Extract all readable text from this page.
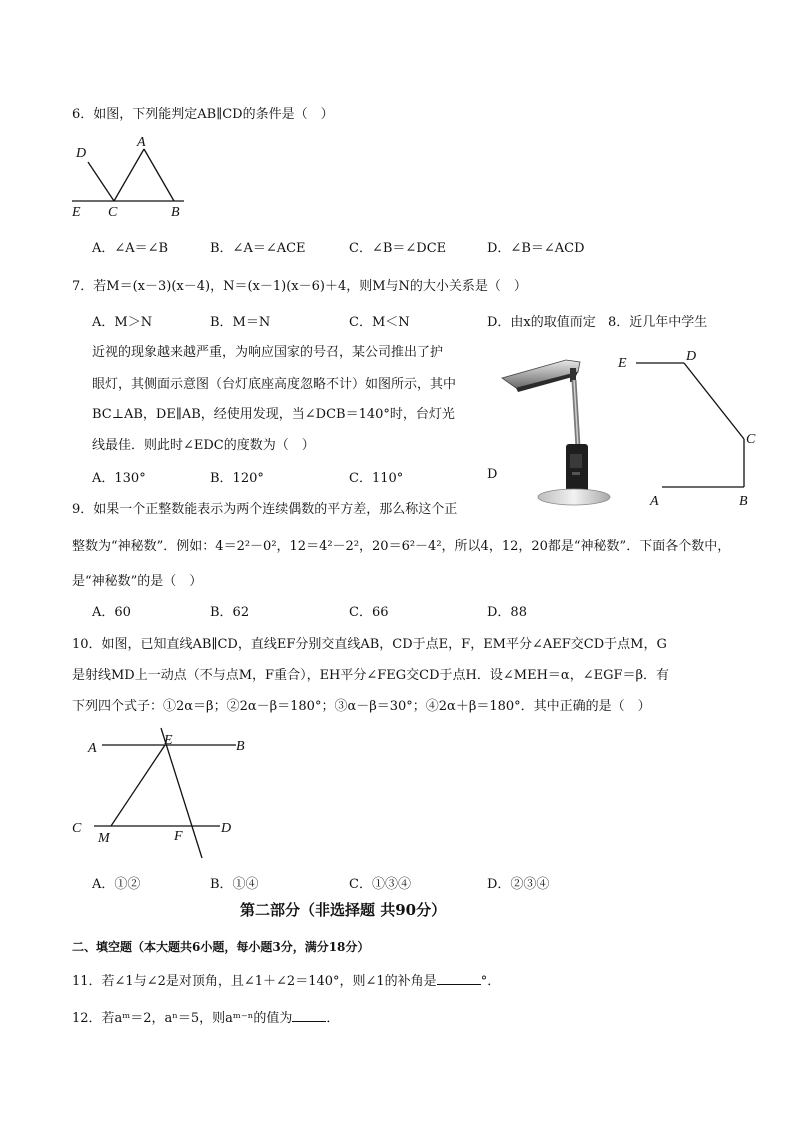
6．如图，下列能判定AB∥CD的条件是（　）
D
A
E C	B
A．∠A＝∠B	B．∠A＝∠ACE	C．∠B＝∠DCE	D．∠B＝∠ACD
7．若M＝(x－3)(x－4)，N＝(x－1)(x－6)＋4，则M与N的大小关系是（　）
A．M＞N	B．M＝N	C．M＜N	D．由x的取值而定 8．近几年中学生
近视的现象越来越严重，为响应国家的号召，某公司推出了护
眼灯，其侧面示意图（台灯底座高度忽略不计）如图所示，其中
BC⊥AB，DE∥AB，经使用发现，当∠DCB＝140°时，台灯光
线最佳．则此时∠EDC的度数为（　）
A．130°	B．120°	C．110°	D
E	D
C
A	B
9．如果一个正整数能表示为两个连续偶数的平方差，那么称这个正
整数为“神秘数”．例如：4＝2²－0²，12＝4²－2²，20＝6²－4²，所以4，12，20都是“神秘数”．下面各个数中，
是“神秘数”的是（　）
A．60	B．62	C．66	D．88
10．如图，已知直线AB∥CD，直线EF分别交直线AB，CD于点E，F，EM平分∠AEF交CD于点M，G
是射线MD上一动点（不与点M，F重合），EH平分∠FEG交CD于点H．设∠MEH＝α，∠EGF＝β．有
下列四个式子：①2α＝β；②2α－β＝180°；③α－β＝30°；④2α＋β＝180°．其中正确的是（　）
A
E	B
C
M	F
D
A．①②	B．①④	C．①③④	D．②③④
第二部分（非选择题 共90分）
二、填空题（本大题共6小题，每小题3分，满分18分）
11．若∠1与∠2是对顶角，且∠1＋∠2＝140°，则∠1的补角是	°．
12．若aᵐ＝2，aⁿ＝5，则aᵐ⁻ⁿ的值为	．
